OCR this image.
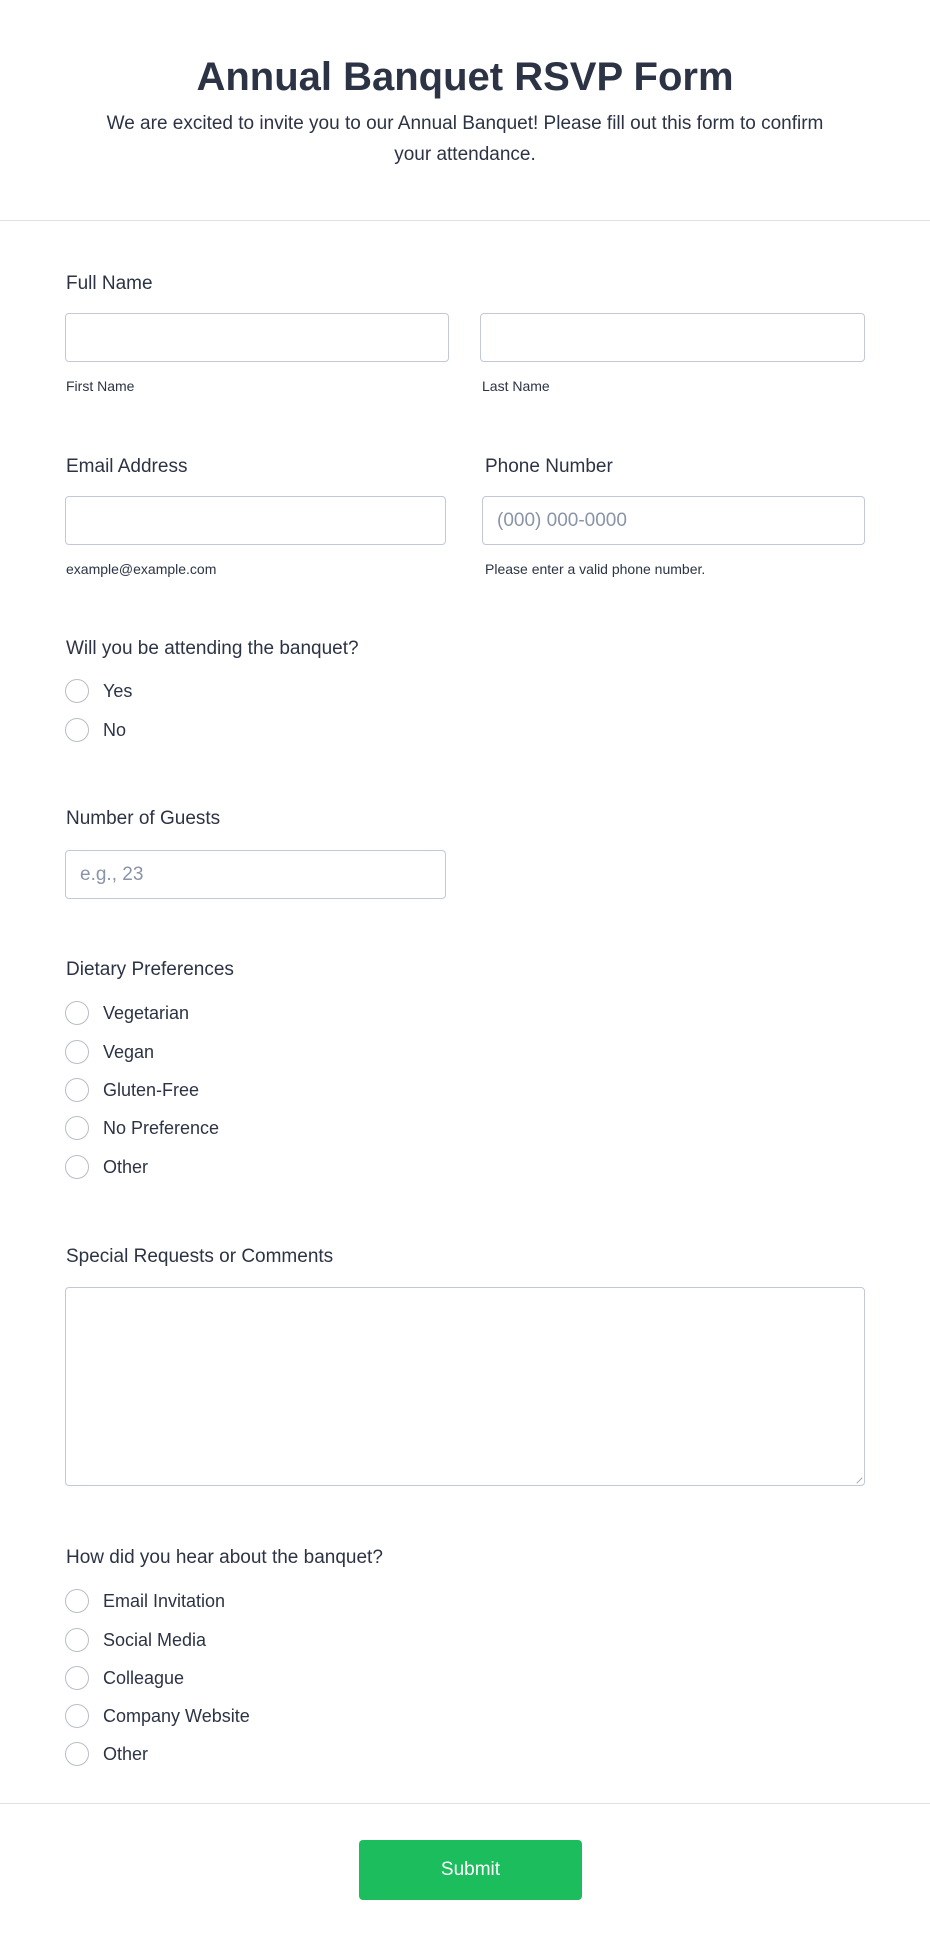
Annual Banquet RSVP Form

We are excited to invite you to our Annual Banquet! Please fill out this form to confirm your attendance.

Full Name
First Name	Last Name
Email Address	Phone Number
(000) 000-0000
example@example.com	Please enter a valid phone number.
Will you be attending the banquet?
Yes
No
Number of Guests
e.g., 23
Dietary Preferences
Vegetarian
Vegan
Gluten-Free
No Preference
Other
Special Requests or Comments
How did you hear about the banquet?
Email Invitation
Social Media
Colleague
Company Website
Other
Submit
